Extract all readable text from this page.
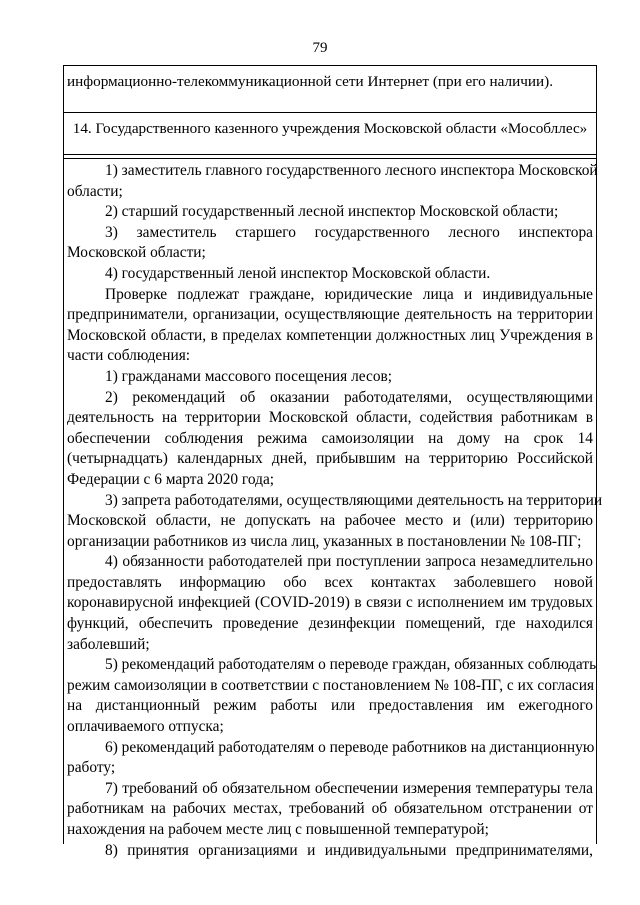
79
информационно-телекоммуникационной сети Интернет (при его наличии).
14. Государственного казенного учреждения Московской области «Мособллес»
1) заместитель главного государственного лесного инспектора Московской
области;
2) старший государственный лесной инспектор Московской области;
3) заместитель старшего государственного лесного инспектора
Московской области;
4) государственный леной инспектор Московской области.
Проверке подлежат граждане, юридические лица и индивидуальные
предприниматели, организации, осуществляющие деятельность на территории
Московской области, в пределах компетенции должностных лиц Учреждения в
части соблюдения:
1) гражданами массового посещения лесов;
2) рекомендаций об оказании работодателями, осуществляющими
деятельность на территории Московской области, содействия работникам в
обеспечении соблюдения режима самоизоляции на дому на срок 14
(четырнадцать) календарных дней, прибывшим на территорию Российской
Федерации с 6 марта 2020 года;
3) запрета работодателями, осуществляющими деятельность на территории
Московской области, не допускать на рабочее место и (или) территорию
организации работников из числа лиц, указанных в постановлении № 108-ПГ;
4) обязанности работодателей при поступлении запроса незамедлительно
предоставлять информацию обо всех контактах заболевшего новой
коронавирусной инфекцией (COVID-2019) в связи с исполнением им трудовых
функций, обеспечить проведение дезинфекции помещений, где находился
заболевший;
5) рекомендаций работодателям о переводе граждан, обязанных соблюдать
режим самоизоляции в соответствии с постановлением № 108-ПГ, с их согласия
на дистанционный режим работы или предоставления им ежегодного
оплачиваемого отпуска;
6) рекомендаций работодателям о переводе работников на дистанционную
работу;
7) требований об обязательном обеспечении измерения температуры тела
работникам на рабочих местах, требований об обязательном отстранении от
нахождения на рабочем месте лиц с повышенной температурой;
8) принятия организациями и индивидуальными предпринимателями,
